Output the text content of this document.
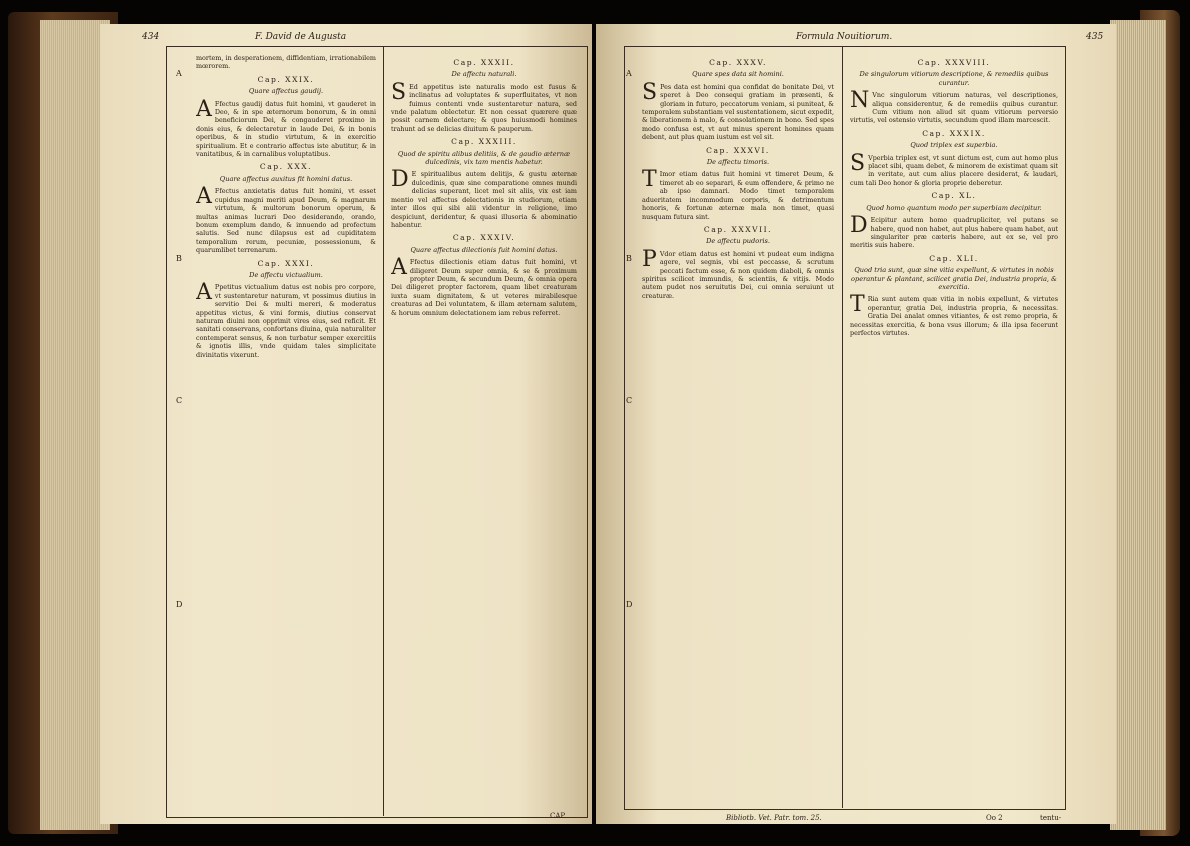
434	F. David de Augusta
A
B
C
D
mortem, in desperationem, diffidentiam, irrationabilem mœrorem.
Cap. XXIX.
Quare affectus gaudij.
A Ffectus gaudij datus fuit homini, vt gauderet in Deo, & in spe æternorum bonorum, & in omni beneficiorum Dei, & congauderet proximo in donis eius, & delectaretur in laude Dei, & in bonis operibus, & in studio virtutum, & in exercitio spiritualium. Et e contrario affectus iste abutitur, & in vanitatibus, & in carnalibus voluptatibus.
Cap. XXX.
Quare affectus auxitus fit homini datus.
A Ffectus anxietatis datus fuit homini, vt esset cupidus magni meriti apud Deum, & magnarum virtutum, & multorum bonorum operum, & multas animas lucrari Deo desiderando, orando, bonum exemplum dando, & innuendo ad profectum salutis. Sed nunc dilapsus est ad cupiditatem temporalium rerum, pecuniæ, possessionum, & quarumlibet terrenarum.
Cap. XXXI.
De affectu victualium.
A Ppetitus victualium datus est nobis pro corpore, vt sustentaretur naturam, vt possimus diutius in servitio Dei & multi mereri, & moderatus appetitus victus, & vini formis, diutius conservat naturam diuini non opprimit vires eius, sed reficit. Et sanitati conservans, confortans diuina, quia naturaliter contemperat sensus, & non turbatur semper exercitiis & ignotis illis, vnde quidam tales simplicitate divinitatis vixerunt.
Cap. XXXII.
De affectu naturali.
S Ed appetitus iste naturalis modo est fusus & inclinatus ad voluptates & superfluitates, vt non fuimus contenti vnde sustentaretur natura, sed vnde palatum oblectetur. Et non cessat quærere quæ possit carnem delectare; & quos huiusmodi homines trahunt ad se delicias diuitum & pauperum.
Cap. XXXIII.
Quod de spiritu alibus delitiis, & de gaudio æternæ dulcedinis, vix tam mentis habetur.
D E spiritualibus autem delitijs, & gustu æternæ dulcedinis, quæ sine comparatione omnes mundi delicias superant, licet mel sit aliis, vix est iam mentio vel affectus delectationis in studiorum, etiam inter illos qui sibi alii videntur in religione, imo despiciunt, deridentur, & quasi illusoria & abominatio habentur.
Cap. XXXIV.
Quare affectus dilectionis fuit homini datus.
A Ffectus dilectionis etiam datus fuit homini, vt diligeret Deum super omnia, & se & proximum propter Deum, & secundum Deum, & omnia opera Dei diligeret propter factorem, quam libet creaturam iuxta suam dignitatem, & ut veteres mirabilesque creaturas ad Dei voluntatem, & illam æternam salutem, & horum omnium delectationem iam rebus referret.
CAP.
Formula Nouitiorum.	435
A
B
C
D
Cap. XXXV.
Quare spes data sit homini.
S Pes data est homini qua confidat de bonitate Dei, vt speret à Deo consequi gratiam in præsenti, & gloriam in futuro, peccatorum veniam, si puniteat, & temporalem substantiam vel sustentationem, sicut expedit, & liberationem à malo, & consolationem in bono. Sed spes modo confusa est, vt aut minus sperent homines quam debent, aut plus quam iustum est vel sit.
Cap. XXXVI.
De affectu timoris.
T Imor etiam datus fuit homini vt timeret Deum, & timeret ab eo separari, & eum offendere, & primo ne ab ipso damnari. Modo timet temporalem adueritatem incommodum corporis, & detrimentum honoris, & fortunæ æternæ mala non timet, quasi nusquam futura sint.
Cap. XXXVII.
De affectu pudoris.
P Vdor etiam datus est homini vt pudeat eum indigna agere, vel segnis, vbi est peccasse, & scrutum peccati factum esse, & non quidem diaboli, & omnis spiritus scilicet immundis, & scientiis, & vitijs. Modo autem pudet nos seruitutis Dei, cui omnia seruiunt ut creaturæ.
Cap. XXXVIII.
De singulorum vitiorum descriptione, & remediis quibus curantur.
N Vnc singulorum vitiorum naturas, vel descriptiones, aliqua considerentur, & de remediis quibus curantur. Cum vitium non aliud sit quam vitiorum perversio virtutis, vel ostensio virtutis, secundum quod illam marcescit.
Cap. XXXIX.
Quod triplex est superbia.
S Vperbia triplex est, vt sunt dictum est, cum aut homo plus placet sibi, quam debet, & minorem de existimat quam sit in veritate, aut cum alius placere desiderat, & laudari, cum tali Deo honor & gloria proprie deberetur.
Cap. XL.
Quod homo quantum modo per superbiam decipitur.
D Ecipitur autem homo quadrupliciter, vel putans se habere, quod non habet, aut plus habere quam habet, aut singulariter præ cæteris habere, aut ex se, vel pro meritis suis habere.
Cap. XLI.
Quod tria sunt, quæ sine vitia expellunt, & virtutes in nobis operantur & plantant, scilicet gratia Dei, industria propria, & exercitia.
T Ria sunt autem quæ vitia in nobis expellunt, & virtutes operantur, gratia Dei, industria propria, & necessitas. Gratia Dei analat omnes vitiantes, & est remo propria, & necessitas exercitia, & bona vsus illorum; & illa ipsa fecerunt perfectos virtutes.
Bibliotb. Vet. Patr. tom. 25.	Oo 2	tentu-
